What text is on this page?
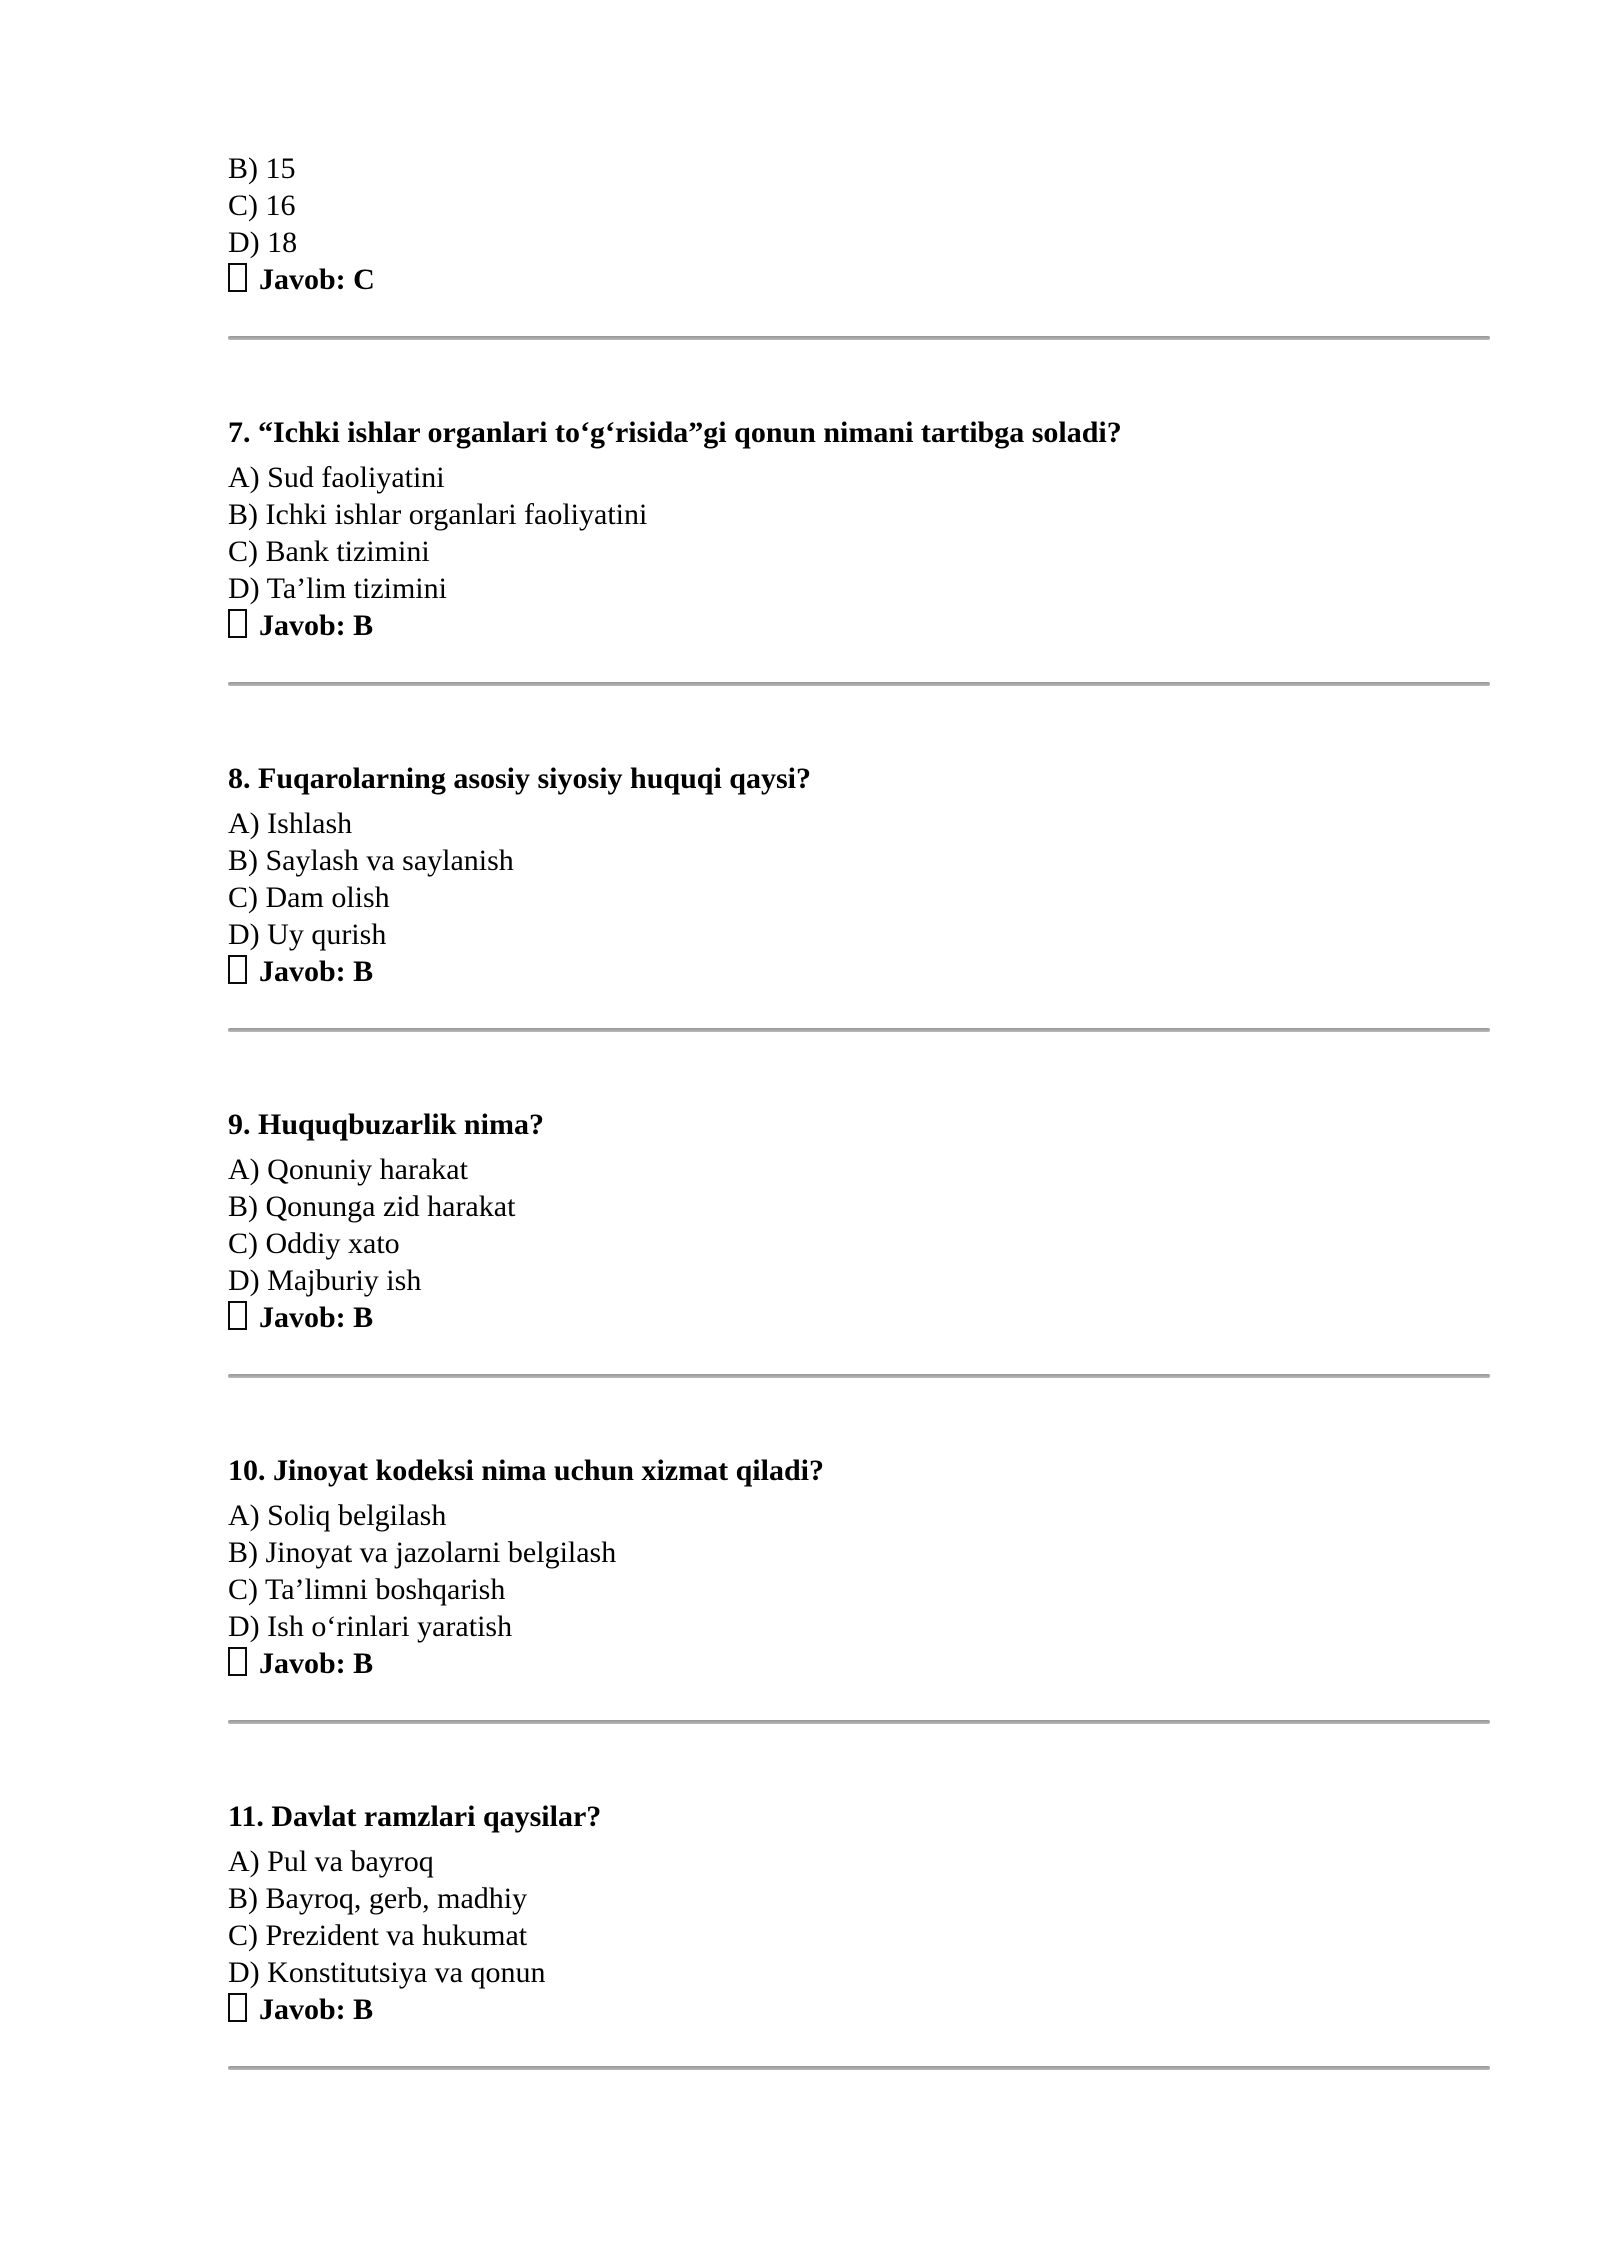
B) 15

C) 16

D) 18

Javob: C

7. “Ichki ishlar organlari to‘g‘risida”gi qonun nimani tartibga soladi?

A) Sud faoliyatini

B) Ichki ishlar organlari faoliyatini

C) Bank tizimini

D) Ta’lim tizimini

Javob: B

8. Fuqarolarning asosiy siyosiy huquqi qaysi?

A) Ishlash

B) Saylash va saylanish

C) Dam olish

D) Uy qurish

Javob: B

9. Huquqbuzarlik nima?

A) Qonuniy harakat

B) Qonunga zid harakat

C) Oddiy xato

D) Majburiy ish

Javob: B

10. Jinoyat kodeksi nima uchun xizmat qiladi?

A) Soliq belgilash

B) Jinoyat va jazolarni belgilash

C) Ta’limni boshqarish

D) Ish o‘rinlari yaratish

Javob: B

11. Davlat ramzlari qaysilar?

A) Pul va bayroq

B) Bayroq, gerb, madhiy

C) Prezident va hukumat

D) Konstitutsiya va qonun

Javob: B
